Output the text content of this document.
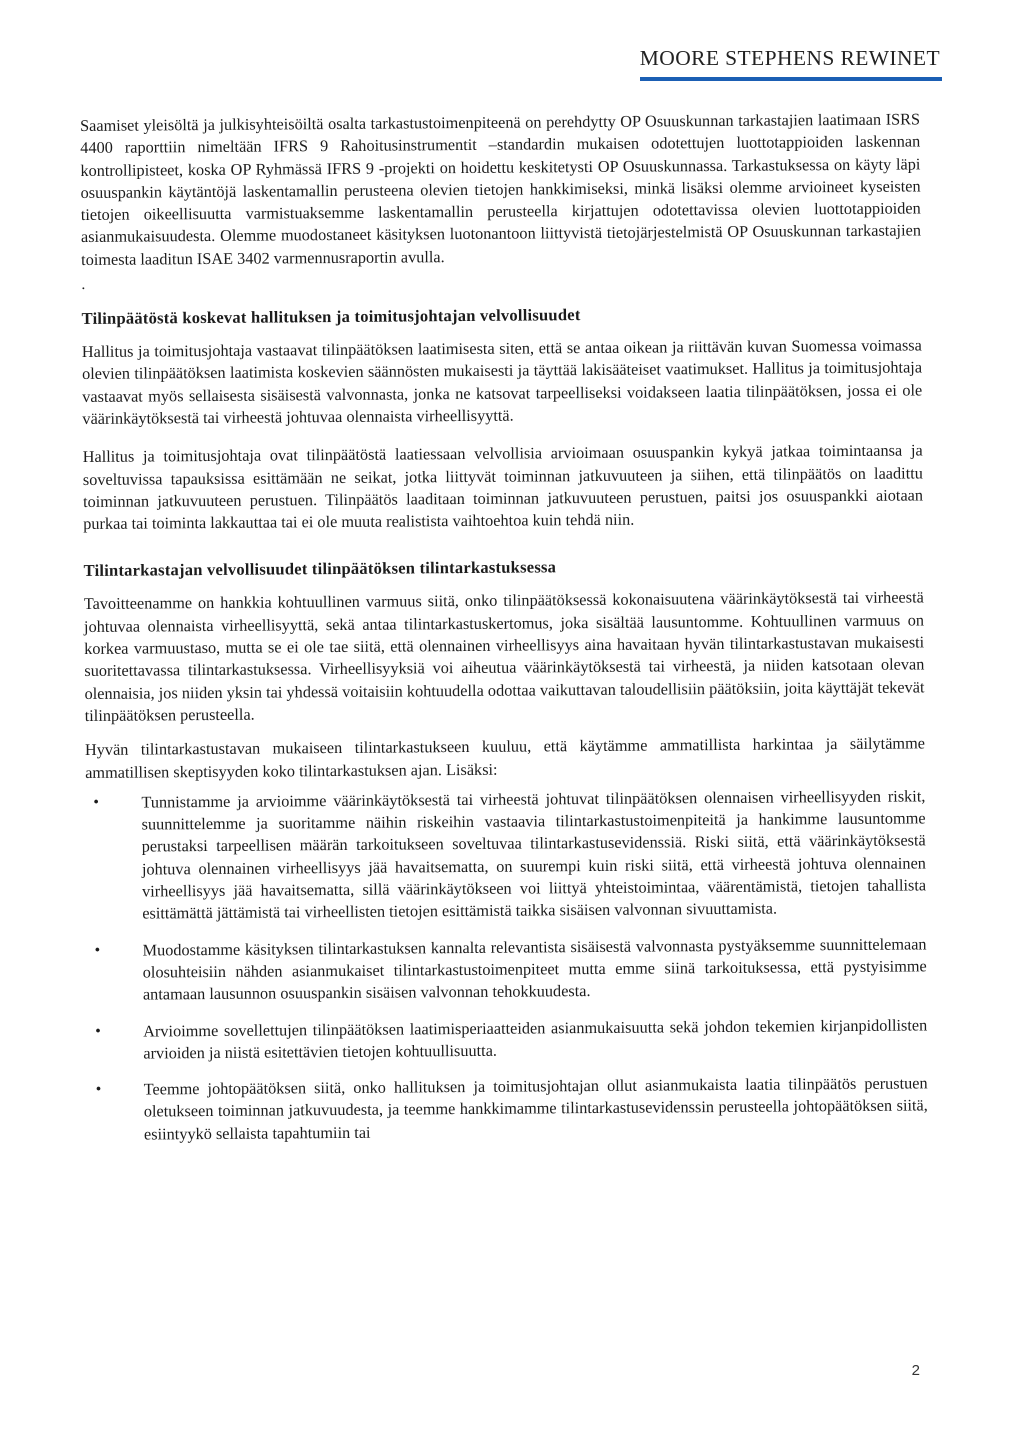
MOORE STEPHENS REWINET

Saamiset yleisöltä ja julkisyhteisöiltä osalta tarkastustoimenpiteenä on perehdytty OP Osuuskunnan tarkastajien laatimaan ISRS 4400 raporttiin nimeltään IFRS 9 Rahoitusinstrumentit –standardin mukaisen odotettujen luottotappioiden laskennan kontrollipisteet, koska OP Ryhmässä IFRS 9 -projekti on hoidettu keskitetysti OP Osuuskunnassa. Tarkastuksessa on käyty läpi osuuspankin käytäntöjä laskentamallin perusteena olevien tietojen hankkimiseksi, minkä lisäksi olemme arvioineet kyseisten tietojen oikeellisuutta varmistuaksemme laskentamallin perusteella kirjattujen odotettavissa olevien luottotappioiden asianmukaisuudesta. Olemme muodostaneet käsityksen luotonantoon liittyvistä tietojärjestelmistä OP Osuuskunnan tarkastajien toimesta laaditun ISAE 3402 varmennusraportin avulla.

.
Tilinpäätöstä koskevat hallituksen ja toimitusjohtajan velvollisuudet

Hallitus ja toimitusjohtaja vastaavat tilinpäätöksen laatimisesta siten, että se antaa oikean ja riittävän kuvan Suomessa voimassa olevien tilinpäätöksen laatimista koskevien säännösten mukaisesti ja täyttää lakisääteiset vaatimukset. Hallitus ja toimitusjohtaja vastaavat myös sellaisesta sisäisestä valvonnasta, jonka ne katsovat tarpeelliseksi voidakseen laatia tilinpäätöksen, jossa ei ole väärinkäytöksestä tai virheestä johtuvaa olennaista virheellisyyttä.

Hallitus ja toimitusjohtaja ovat tilinpäätöstä laatiessaan velvollisia arvioimaan osuuspankin kykyä jatkaa toimintaansa ja soveltuvissa tapauksissa esittämään ne seikat, jotka liittyvät toiminnan jatkuvuuteen ja siihen, että tilinpäätös on laadittu toiminnan jatkuvuuteen perustuen. Tilinpäätös laaditaan toiminnan jatkuvuuteen perustuen, paitsi jos osuuspankki aiotaan purkaa tai toiminta lakkauttaa tai ei ole muuta realistista vaihtoehtoa kuin tehdä niin.

Tilintarkastajan velvollisuudet tilinpäätöksen tilintarkastuksessa

Tavoitteenamme on hankkia kohtuullinen varmuus siitä, onko tilinpäätöksessä kokonaisuutena väärinkäytöksestä tai virheestä johtuvaa olennaista virheellisyyttä, sekä antaa tilintarkastuskertomus, joka sisältää lausuntomme. Kohtuullinen varmuus on korkea varmuustaso, mutta se ei ole tae siitä, että olennainen virheellisyys aina havaitaan hyvän tilintarkastustavan mukaisesti suoritettavassa tilintarkastuksessa. Virheellisyyksiä voi aiheutua väärinkäytöksestä tai virheestä, ja niiden katsotaan olevan olennaisia, jos niiden yksin tai yhdessä voitaisiin kohtuudella odottaa vaikuttavan taloudellisiin päätöksiin, joita käyttäjät tekevät tilinpäätöksen perusteella.

Hyvän tilintarkastustavan mukaiseen tilintarkastukseen kuuluu, että käytämme ammatillista harkintaa ja säilytämme ammatillisen skeptisyyden koko tilintarkastuksen ajan. Lisäksi:

•	Tunnistamme ja arvioimme väärinkäytöksestä tai virheestä johtuvat tilinpäätöksen olennaisen virheellisyyden riskit, suunnittelemme ja suoritamme näihin riskeihin vastaavia tilintarkastustoimenpiteitä ja hankimme lausuntomme perustaksi tarpeellisen määrän tarkoitukseen soveltuvaa tilintarkastusevidenssiä. Riski siitä, että väärinkäytöksestä johtuva olennainen virheellisyys jää havaitsematta, on suurempi kuin riski siitä, että virheestä johtuva olennainen virheellisyys jää havaitsematta, sillä väärinkäytökseen voi liittyä yhteistoimintaa, väärentämistä, tietojen tahallista esittämättä jättämistä tai virheellisten tietojen esittämistä taikka sisäisen valvonnan sivuuttamista.
•	Muodostamme käsityksen tilintarkastuksen kannalta relevantista sisäisestä valvonnasta pystyäksemme suunnittelemaan olosuhteisiin nähden asianmukaiset tilintarkastustoimenpiteet mutta emme siinä tarkoituksessa, että pystyisimme antamaan lausunnon osuuspankin sisäisen valvonnan tehokkuudesta.
•	Arvioimme sovellettujen tilinpäätöksen laatimisperiaatteiden asianmukaisuutta sekä johdon tekemien kirjanpidollisten arvioiden ja niistä esitettävien tietojen kohtuullisuutta.
•	Teemme johtopäätöksen siitä, onko hallituksen ja toimitusjohtajan ollut asianmukaista laatia tilinpäätös perustuen oletukseen toiminnan jatkuvuudesta, ja teemme hankkimamme tilintarkastusevidenssin perusteella johtopäätöksen siitä, esiintyykö sellaista tapahtumiin tai
2
